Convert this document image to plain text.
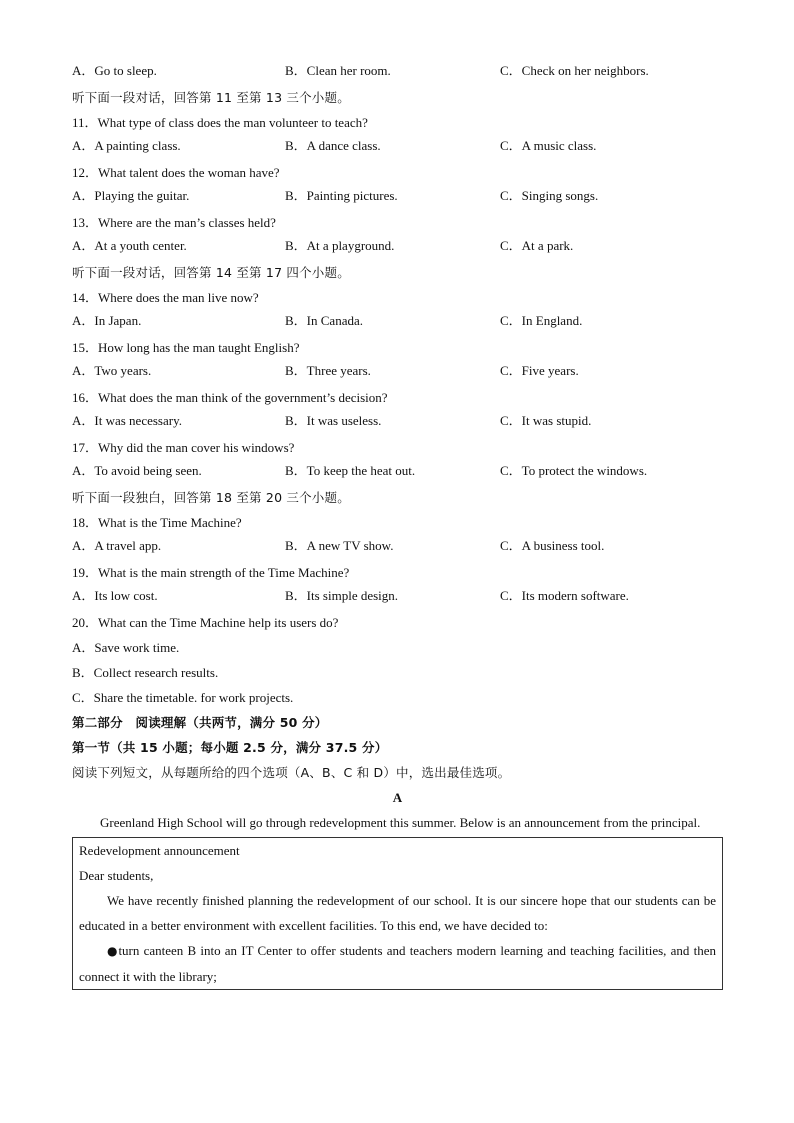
A．Go to sleep.	B．Clean her room.	C．Check on her neighbors.
听下面一段对话，回答第 11 至第 13 三个小题。
11．What type of class does the man volunteer to teach?
A．A painting class.	B．A dance class.	C．A music class.
12．What talent does the woman have?
A．Playing the guitar.	B．Painting pictures.	C．Singing songs.
13．Where are the man’s classes held?
A．At a youth center.	B．At a playground.	C．At a park.
听下面一段对话，回答第 14 至第 17 四个小题。
14．Where does the man live now?
A．In Japan.	B．In Canada.	C．In England.
15．How long has the man taught English?
A．Two years.	B．Three years.	C．Five years.
16．What does the man think of the government’s decision?
A．It was necessary.	B．It was useless.	C．It was stupid.
17．Why did the man cover his windows?
A．To avoid being seen.	B．To keep the heat out.	C．To protect the windows.
听下面一段独白，回答第 18 至第 20 三个小题。
18．What is the Time Machine?
A．A travel app.	B．A new TV show.	C．A business tool.
19．What is the main strength of the Time Machine?
A．Its low cost.	B．Its simple design.	C．Its modern software.
20．What can the Time Machine help its users do?
A．Save work time.
B．Collect research results.
C．Share the timetable. for work projects.
第二部分　阅读理解（共两节，满分 50 分）
第一节（共 15 小题；每小题 2.5 分，满分 37.5 分）
阅读下列短文，从每题所给的四个选项（A、B、C 和 D）中，选出最佳选项。
A
Greenland High School will go through redevelopment this summer. Below is an announcement from the principal.
Redevelopment announcement
Dear students,
We have recently finished planning the redevelopment of our school. It is our sincere hope that our students can be educated in a better environment with excellent facilities. To this end, we have decided to:
●turn canteen B into an IT Center to offer students and teachers modern learning and teaching facilities, and then connect it with the library;
